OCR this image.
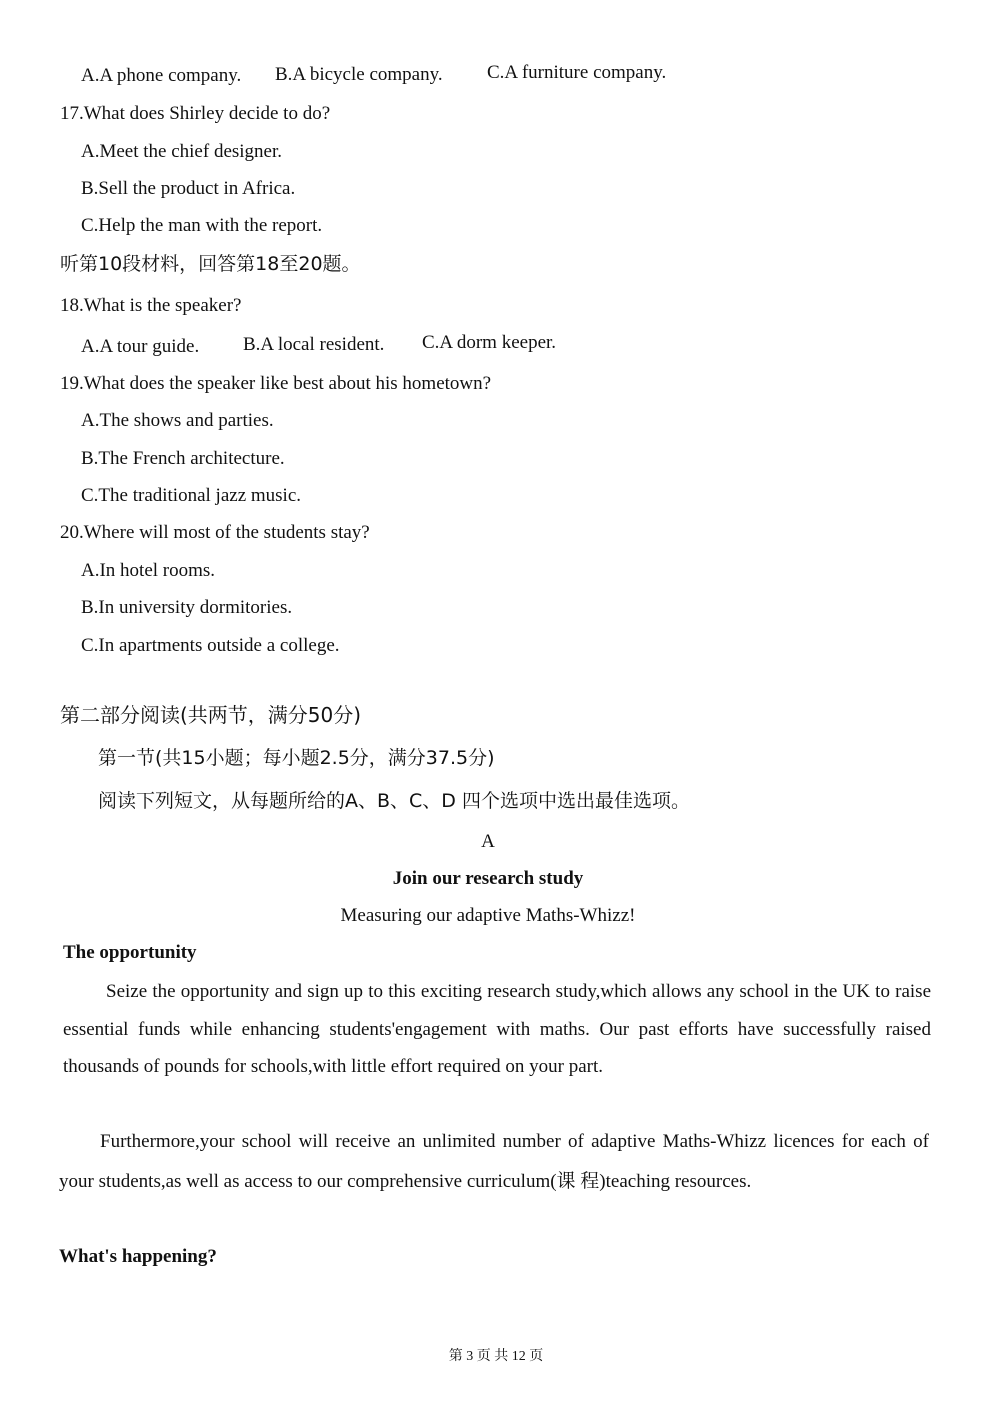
A.A phone company. B.A bicycle company. C.A furniture company.
17.What does Shirley decide to do?
A.Meet the chief designer.
B.Sell the product in Africa.
C.Help the man with the report.
听第10段材料，回答第18至20题。
18.What is the speaker?
A.A tour guide. B.A local resident. C.A dorm keeper.
19.What does the speaker like best about his hometown?
A.The shows and parties.
B.The French architecture.
C.The traditional jazz music.
20.Where will most of the students stay?
A.In hotel rooms.
B.In university dormitories.
C.In apartments outside a college.
第二部分阅读(共两节，满分50分)
第一节(共15小题；每小题2.5分，满分37.5分)
阅读下列短文，从每题所给的A、B、C、D 四个选项中选出最佳选项。
A
Join our research study
Measuring our adaptive Maths-Whizz!
The opportunity
Seize the opportunity and sign up to this exciting research study,which allows any school in the UK to raise essential funds while enhancing students'engagement with maths. Our past efforts have successfully raised thousands of pounds for schools,with little effort required on your part.
Furthermore,your school will receive an unlimited number of adaptive Maths-Whizz licences for each of your students,as well as access to our comprehensive curriculum(课 程)teaching resources.
What's happening?
第 3 页 共 12 页
